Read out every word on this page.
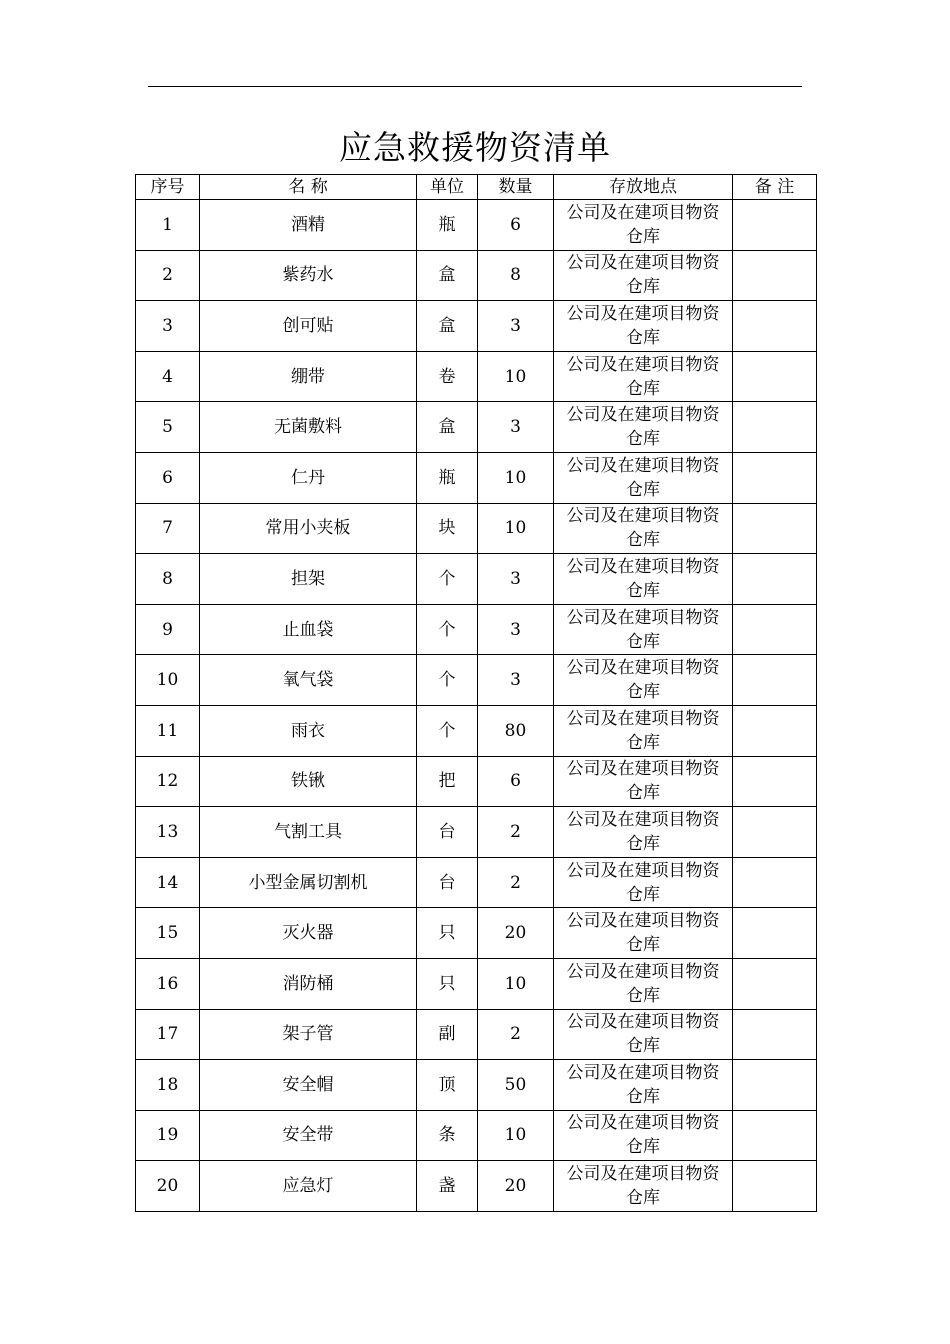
应急救援物资清单
序号	名 称	单位	数量	存放地点	备 注
1	酒精	瓶	6	公司及在建项目物资仓库	

2	紫药水	盒	8	公司及在建项目物资仓库	

3	创可贴	盒	3	公司及在建项目物资仓库	

4	绷带	卷	10	公司及在建项目物资仓库	

5	无菌敷料	盒	3	公司及在建项目物资仓库	

6	仁丹	瓶	10	公司及在建项目物资仓库	

7	常用小夹板	块	10	公司及在建项目物资仓库	

8	担架	个	3	公司及在建项目物资仓库	

9	止血袋	个	3	公司及在建项目物资仓库	

10	氧气袋	个	3	公司及在建项目物资仓库	

11	雨衣	个	80	公司及在建项目物资仓库	

12	铁锹	把	6	公司及在建项目物资仓库	

13	气割工具	台	2	公司及在建项目物资仓库	

14	小型金属切割机	台	2	公司及在建项目物资仓库	

15	灭火器	只	20	公司及在建项目物资仓库	

16	消防桶	只	10	公司及在建项目物资仓库	

17	架子管	副	2	公司及在建项目物资仓库	

18	安全帽	顶	50	公司及在建项目物资仓库	

19	安全带	条	10	公司及在建项目物资仓库	

20	应急灯	盏	20	公司及在建项目物资仓库	
